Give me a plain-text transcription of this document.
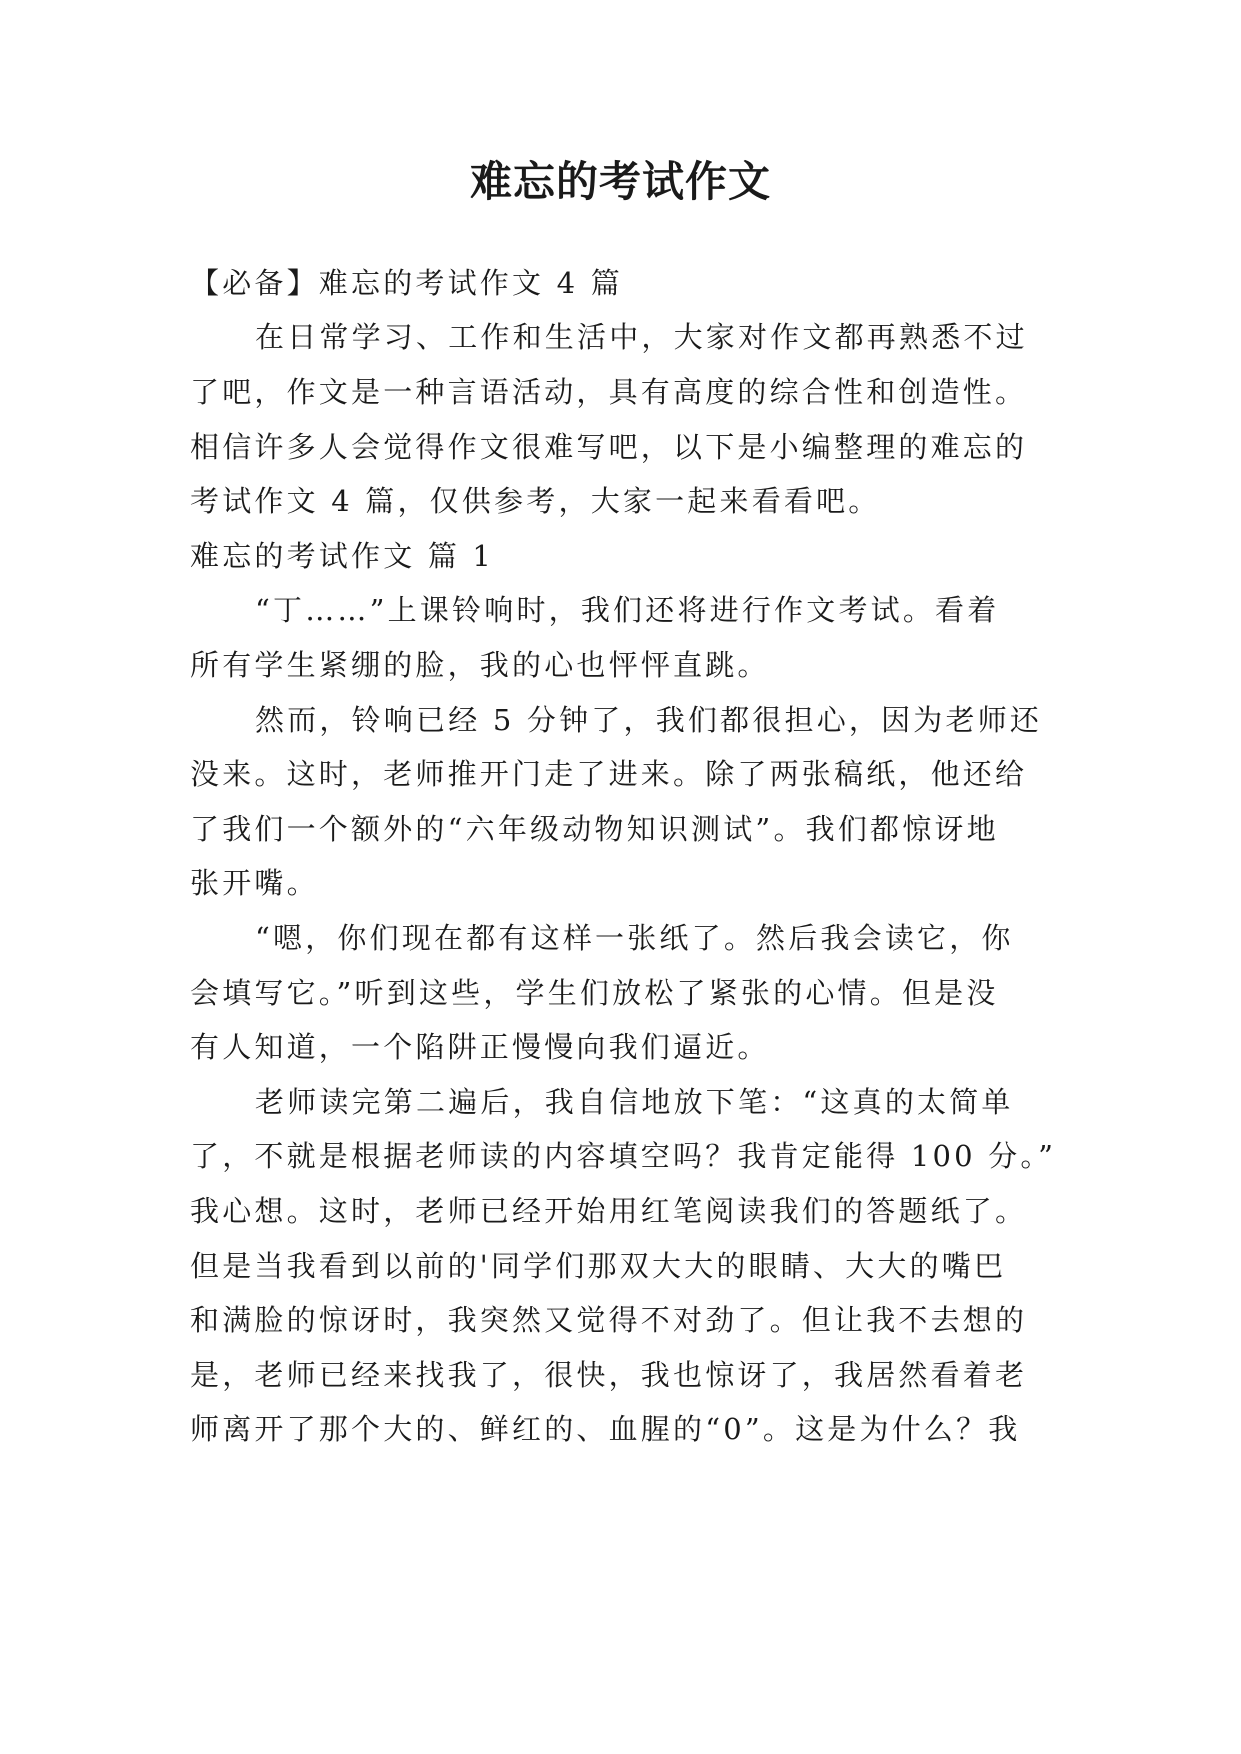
难忘的考试作文

【必备】难忘的考试作文 4 篇

在日常学习、工作和生活中，大家对作文都再熟悉不过

了吧，作文是一种言语活动，具有高度的综合性和创造性。

相信许多人会觉得作文很难写吧，以下是小编整理的难忘的

考试作文 4 篇，仅供参考，大家一起来看看吧。

难忘的考试作文 篇 1

“丁……”上课铃响时，我们还将进行作文考试。看着

所有学生紧绷的脸，我的心也怦怦直跳。

然而，铃响已经 5 分钟了，我们都很担心，因为老师还

没来。这时，老师推开门走了进来。除了两张稿纸，他还给

了我们一个额外的“六年级动物知识测试”。我们都惊讶地

张开嘴。

“嗯，你们现在都有这样一张纸了。然后我会读它，你

会填写它。”听到这些，学生们放松了紧张的心情。但是没

有人知道，一个陷阱正慢慢向我们逼近。

老师读完第二遍后，我自信地放下笔：“这真的太简单

了，不就是根据老师读的内容填空吗？我肯定能得 100 分。”

我心想。这时，老师已经开始用红笔阅读我们的答题纸了。

但是当我看到以前的'同学们那双大大的眼睛、大大的嘴巴

和满脸的惊讶时，我突然又觉得不对劲了。但让我不去想的

是，老师已经来找我了，很快，我也惊讶了，我居然看着老

师离开了那个大的、鲜红的、血腥的“0”。这是为什么？我
